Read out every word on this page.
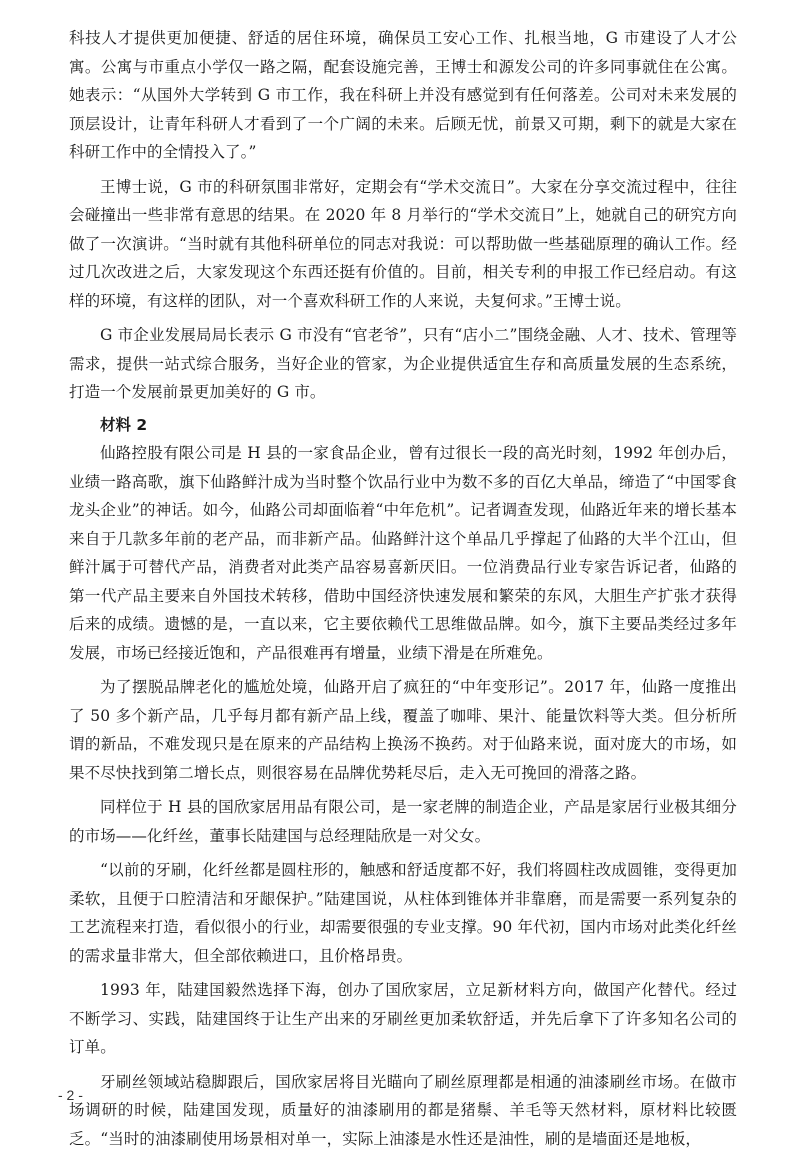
科技人才提供更加便捷、舒适的居住环境，确保员工安心工作、扎根当地，G 市建设了人才公寓。公寓与市重点小学仅一路之隔，配套设施完善，王博士和源发公司的许多同事就住在公寓。她表示：“从国外大学转到 G 市工作，我在科研上并没有感觉到有任何落差。公司对未来发展的顶层设计，让青年科研人才看到了一个广阔的未来。后顾无忧，前景又可期，剩下的就是大家在科研工作中的全情投入了。”

王博士说，G 市的科研氛围非常好，定期会有“学术交流日”。大家在分享交流过程中，往往会碰撞出一些非常有意思的结果。在 2020 年 8 月举行的“学术交流日”上，她就自己的研究方向做了一次演讲。“当时就有其他科研单位的同志对我说：可以帮助做一些基础原理的确认工作。经过几次改进之后，大家发现这个东西还挺有价值的。目前，相关专利的申报工作已经启动。有这样的环境，有这样的团队，对一个喜欢科研工作的人来说，夫复何求。”王博士说。

G 市企业发展局局长表示 G 市没有“官老爷”，只有“店小二”围绕金融、人才、技术、管理等需求，提供一站式综合服务，当好企业的管家，为企业提供适宜生存和高质量发展的生态系统，打造一个发展前景更加美好的 G 市。

材料 2

仙路控股有限公司是 H 县的一家食品企业，曾有过很长一段的高光时刻，1992 年创办后，业绩一路高歌，旗下仙路鲜汁成为当时整个饮品行业中为数不多的百亿大单品，缔造了“中国零食龙头企业”的神话。如今，仙路公司却面临着“中年危机”。记者调查发现，仙路近年来的增长基本来自于几款多年前的老产品，而非新产品。仙路鲜汁这个单品几乎撑起了仙路的大半个江山，但鲜汁属于可替代产品，消费者对此类产品容易喜新厌旧。一位消费品行业专家告诉记者，仙路的第一代产品主要来自外国技术转移，借助中国经济快速发展和繁荣的东风，大胆生产扩张才获得后来的成绩。遗憾的是，一直以来，它主要依赖代工思维做品牌。如今，旗下主要品类经过多年发展，市场已经接近饱和，产品很难再有增量，业绩下滑是在所难免。

为了摆脱品牌老化的尴尬处境，仙路开启了疯狂的“中年变形记”。2017 年，仙路一度推出了 50 多个新产品，几乎每月都有新产品上线，覆盖了咖啡、果汁、能量饮料等大类。但分析所谓的新品，不难发现只是在原来的产品结构上换汤不换药。对于仙路来说，面对庞大的市场，如果不尽快找到第二增长点，则很容易在品牌优势耗尽后，走入无可挽回的滑落之路。

同样位于 H 县的国欣家居用品有限公司，是一家老牌的制造企业，产品是家居行业极其细分的市场——化纤丝，董事长陆建国与总经理陆欣是一对父女。

“以前的牙刷，化纤丝都是圆柱形的，触感和舒适度都不好，我们将圆柱改成圆锥，变得更加柔软，且便于口腔清洁和牙龈保护。”陆建国说，从柱体到锥体并非靠磨，而是需要一系列复杂的工艺流程来打造，看似很小的行业，却需要很强的专业支撑。90 年代初，国内市场对此类化纤丝的需求量非常大，但全部依赖进口，且价格昂贵。

1993 年，陆建国毅然选择下海，创办了国欣家居，立足新材料方向，做国产化替代。经过不断学习、实践，陆建国终于让生产出来的牙刷丝更加柔软舒适，并先后拿下了许多知名公司的订单。

牙刷丝领域站稳脚跟后，国欣家居将目光瞄向了刷丝原理都是相通的油漆刷丝市场。在做市场调研的时候，陆建国发现，质量好的油漆刷用的都是猪鬃、羊毛等天然材料，原材料比较匮乏。“当时的油漆刷使用场景相对单一，实际上油漆是水性还是油性，刷的是墙面还是地板，

- 2 -
